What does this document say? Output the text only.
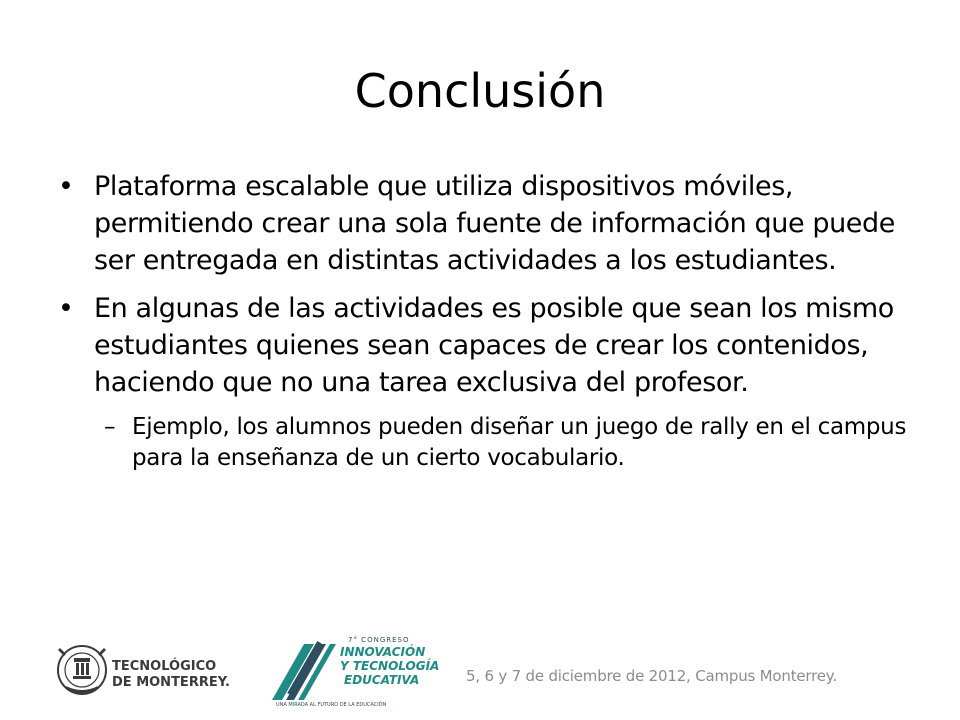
Conclusión
• Plataforma escalable que utiliza dispositivos móviles, permitiendo crear una sola fuente de información que puede ser entregada en distintas actividades a los estudiantes.
• En algunas de las actividades es posible que sean los mismo estudiantes quienes sean capaces de crear los contenidos, haciendo que no una tarea exclusiva del profesor.
– Ejemplo, los alumnos pueden diseñar un juego de rally en el campus para la enseñanza de un cierto vocabulario.
TECNOLÓGICO
DE MONTERREY.
7° CONGRESO
INNOVACIÓN
Y TECNOLOGÍA
EDUCATIVA
UNA MIRADA AL FUTURO DE LA EDUCACIÓN
5, 6 y 7 de diciembre de 2012, Campus Monterrey.
